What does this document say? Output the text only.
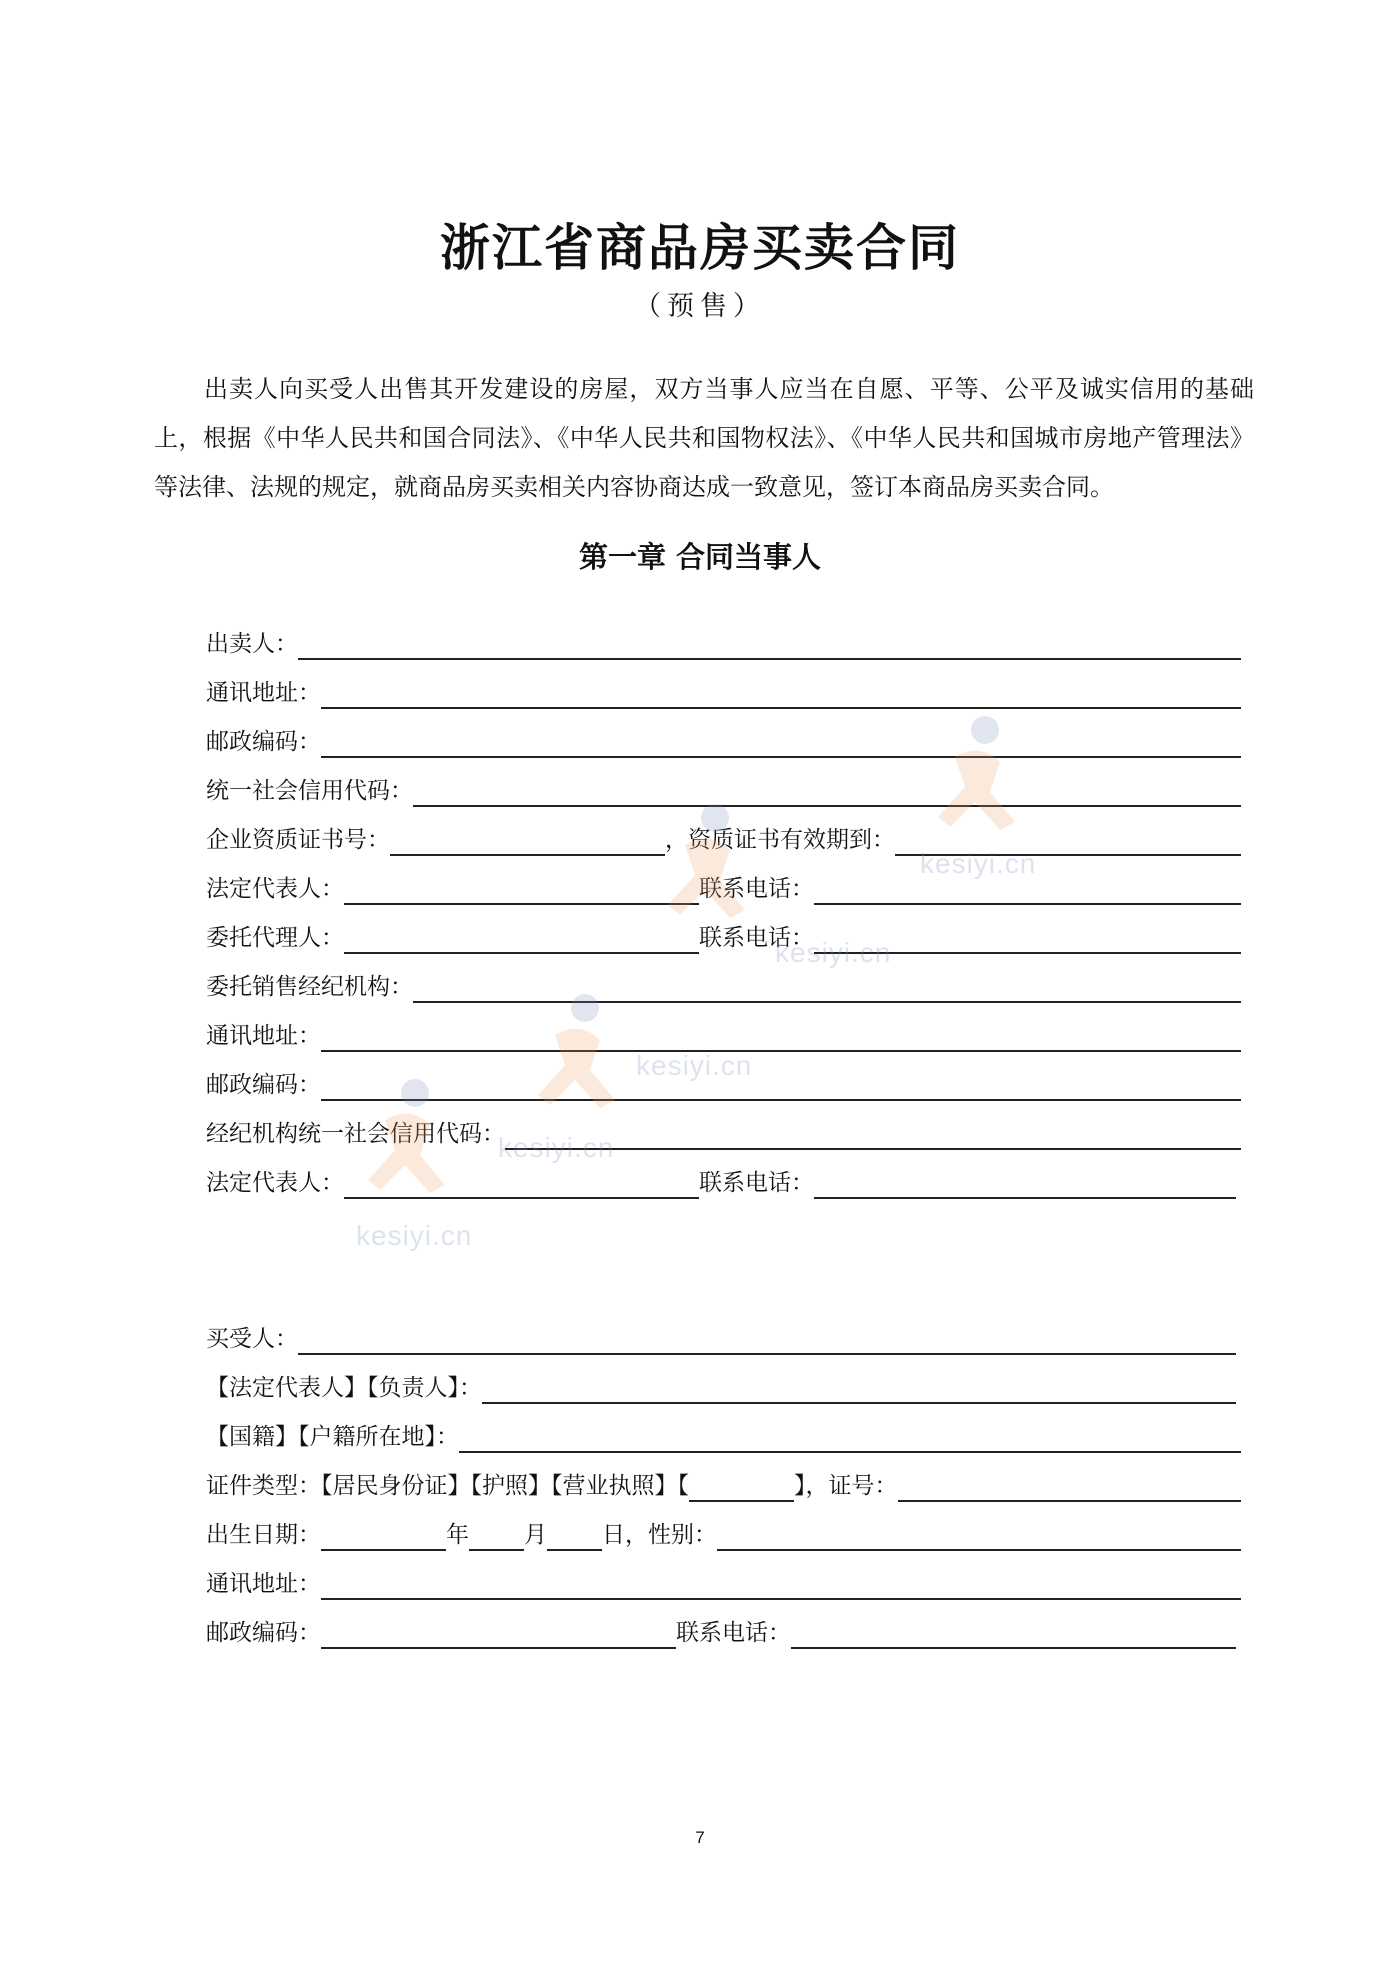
浙江省商品房买卖合同
（预售）

出卖人向买受人出售其开发建设的房屋，双方当事人应当在自愿、平等、公平及诚实信用的基础上，根据《中华人民共和国合同法》、《中华人民共和国物权法》、《中华人民共和国城市房地产管理法》等法律、法规的规定，就商品房买卖相关内容协商达成一致意见，签订本商品房买卖合同。

第一章 合同当事人
出卖人：
通讯地址：
邮政编码：
统一社会信用代码：
企业资质证书号：	，资质证书有效期到：
法定代表人：	联系电话：
委托代理人：	联系电话：
委托销售经纪机构：
通讯地址：
邮政编码：
经纪机构统一社会信用代码：
法定代表人：	联系电话：
买受人：
【法定代表人】【负责人】：
【国籍】【户籍所在地】：
证件类型：【居民身份证】【护照】【营业执照】【	】，证号：
出生日期：	年 月 日，性别：
通讯地址：
邮政编码：	联系电话：
kesiyi.cn
kesiyi.cn
kesiyi.cn
kesiyi.cn
kesiyi.cn
7
